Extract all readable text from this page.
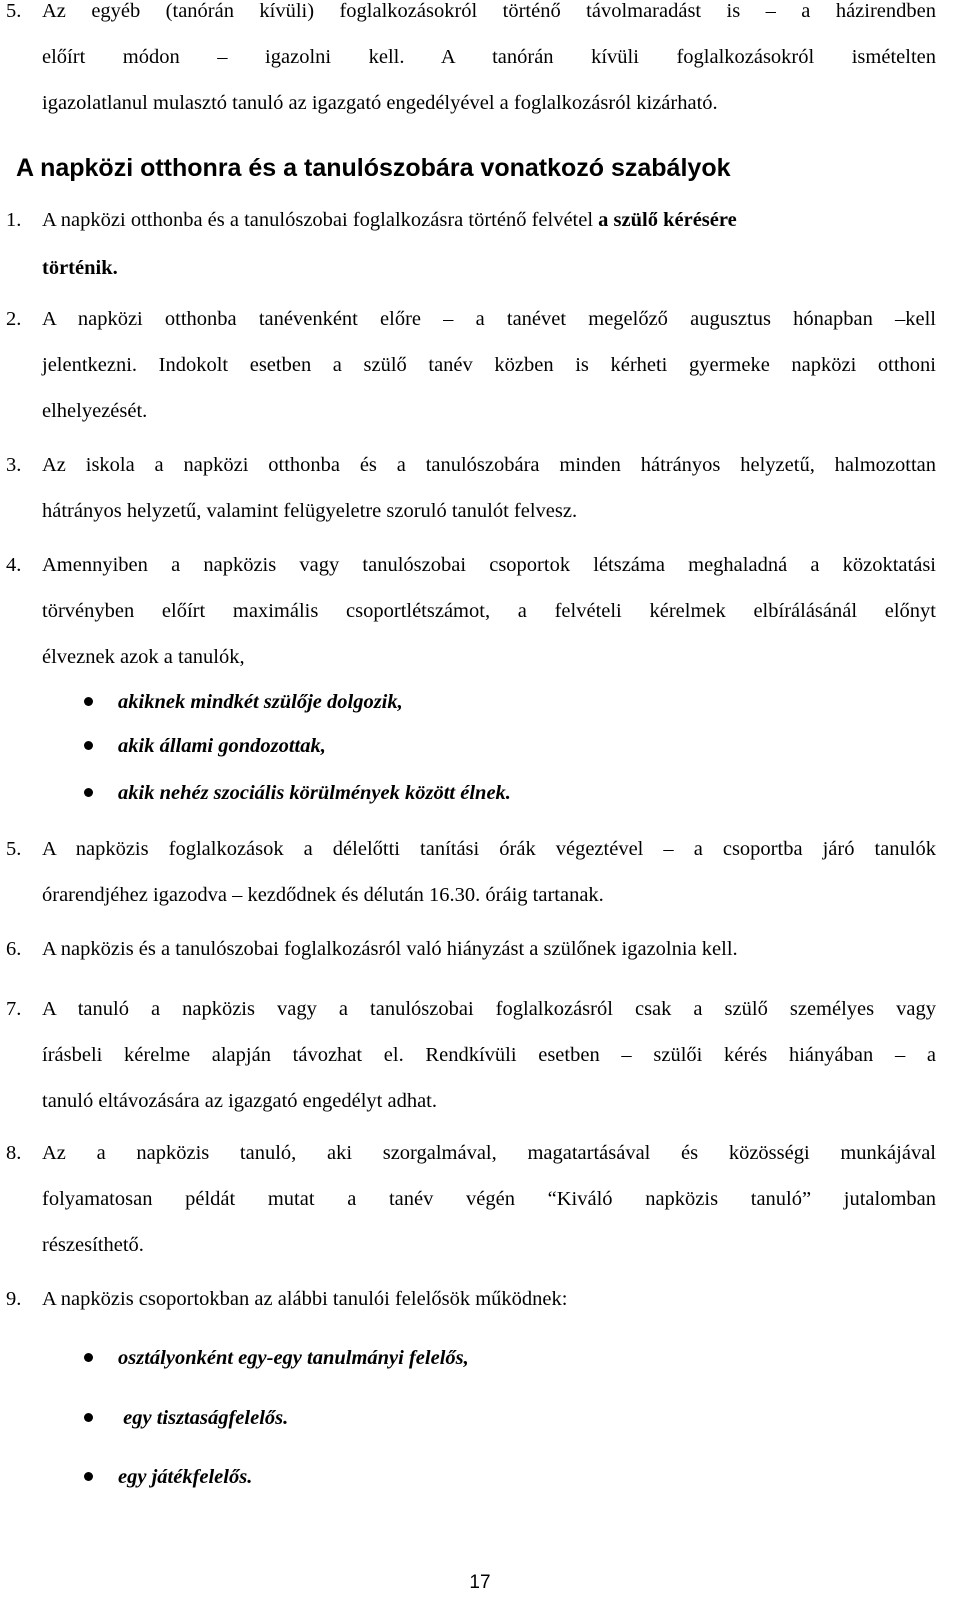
5. Az egyéb (tanórán kívüli) foglalkozásokról történő távolmaradást is – a házirendben
előírt módon – igazolni kell. A tanórán kívüli foglalkozásokról ismételten
igazolatlanul mulasztó tanuló az igazgató engedélyével a foglalkozásról kizárható.
A napközi otthonra és a tanulószobára vonatkozó szabályok
1. A napközi otthonba és a tanulószobai foglalkozásra történő felvétel a szülő kérésére
történik.
2. A napközi otthonba tanévenként előre – a tanévet megelőző augusztus hónapban –kell
jelentkezni. Indokolt esetben a szülő tanév közben is kérheti gyermeke napközi otthoni
elhelyezését.
3. Az iskola a napközi otthonba és a tanulószobára minden hátrányos helyzetű, halmozottan
hátrányos helyzetű, valamint felügyeletre szoruló tanulót felvesz.
4. Amennyiben a napközis vagy tanulószobai csoportok létszáma meghaladná a közoktatási
törvényben előírt maximális csoportlétszámot, a felvételi kérelmek elbírálásánál előnyt
élveznek azok a tanulók,
akiknek mindkét szülője dolgozik,
akik állami gondozottak,
akik nehéz szociális körülmények között élnek.
5. A napközis foglalkozások a délelőtti tanítási órák végeztével – a csoportba járó tanulók
órarendjéhez igazodva – kezdődnek és délután 16.30. óráig tartanak.
6. A napközis és a tanulószobai foglalkozásról való hiányzást a szülőnek igazolnia kell.
7. A tanuló a napközis vagy a tanulószobai foglalkozásról csak a szülő személyes vagy
írásbeli kérelme alapján távozhat el. Rendkívüli esetben – szülői kérés hiányában – a
tanuló eltávozására az igazgató engedélyt adhat.
8. Az a napközis tanuló, aki szorgalmával, magatartásával és közösségi munkájával
folyamatosan példát mutat a tanév végén “Kiváló napközis tanuló” jutalomban
részesíthető.
9. A napközis csoportokban az alábbi tanulói felelősök működnek:
osztályonként egy-egy tanulmányi felelős,
egy tisztaságfelelős.
egy játékfelelős.
17
